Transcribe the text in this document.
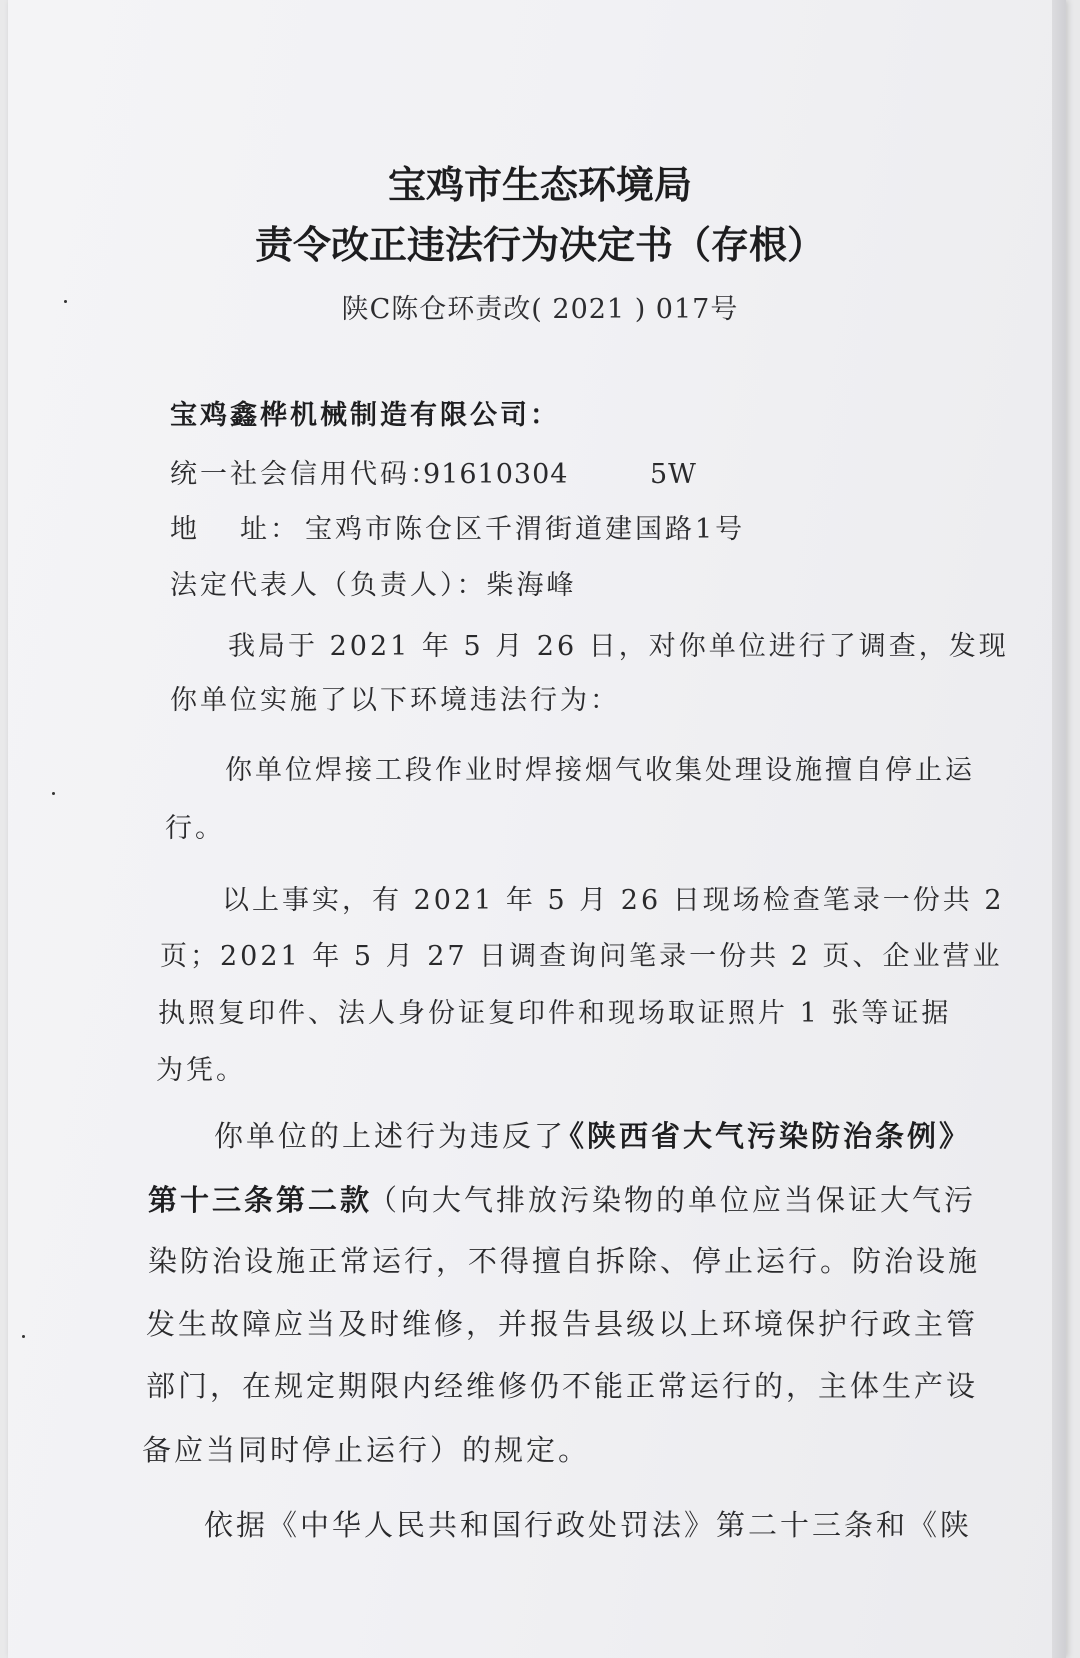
宝鸡市生态环境局
责令改正违法行为决定书（存根）
陕C陈仓环责改( 2021 ) 017号
宝鸡鑫桦机械制造有限公司：
统一社会信用代码：
91610304	5W
地 址： 宝鸡市陈仓区千渭街道建国路1号
法定代表人（负责人）：柴海峰
我局于 2021 年 5 月 26 日，对你单位进行了调查，发现
你单位实施了以下环境违法行为：
你单位焊接工段作业时焊接烟气收集处理设施擅自停止运
行。
以上事实，有 2021 年 5 月 26 日现场检查笔录一份共 2
页；2021 年 5 月 27 日调查询问笔录一份共 2 页、企业营业
执照复印件、法人身份证复印件和现场取证照片 1 张等证据
为凭。
你单位的上述行为违反了
《陕西省大气污染防治条例》
第十三条第二款
（向大气排放污染物的单位应当保证大气污
染防治设施正常运行，不得擅自拆除、停止运行。防治设施
发生故障应当及时维修，并报告县级以上环境保护行政主管
部门，在规定期限内经维修仍不能正常运行的，主体生产设
备应当同时停止运行）的规定。
依据《中华人民共和国行政处罚法》第二十三条和《陕
